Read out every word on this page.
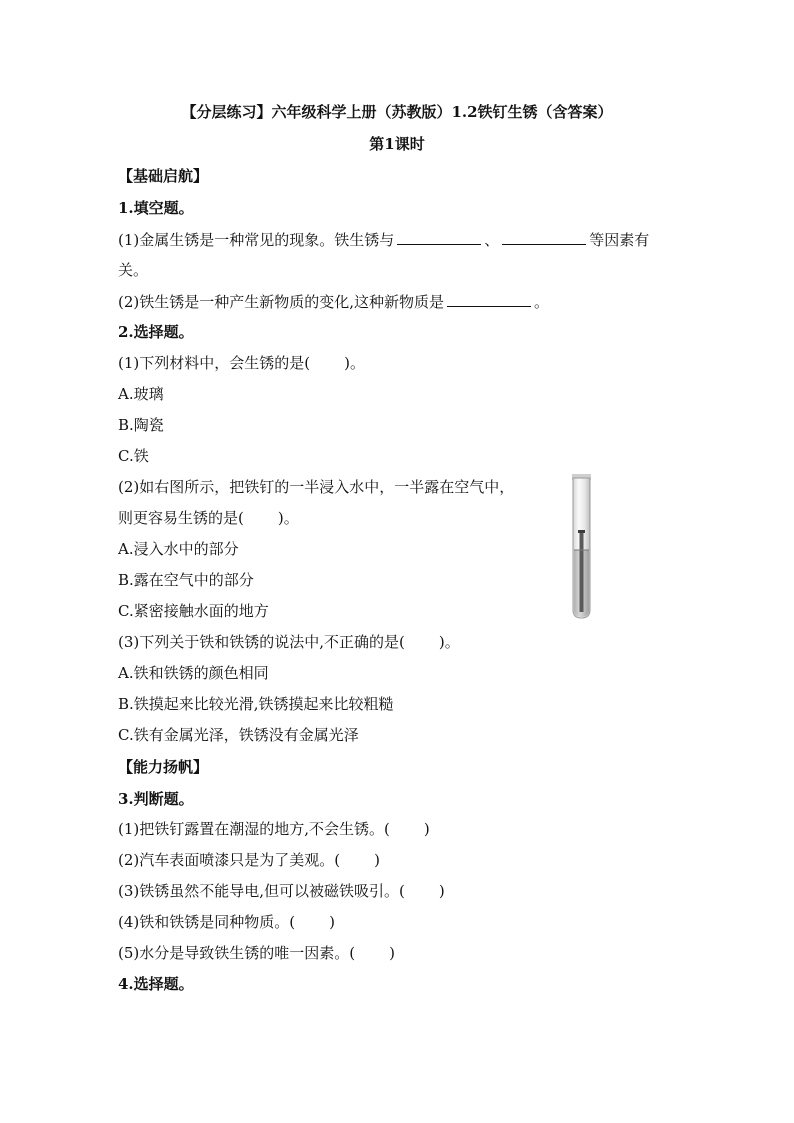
【分层练习】六年级科学上册（苏教版）1.2铁钉生锈（含答案）
第1课时
【基础启航】
1.填空题。
(1)金属生锈是一种常见的现象。铁生锈与	、	等因素有
关。
(2)铁生锈是一种产生新物质的变化,这种新物质是	。
2.选择题。
(1)下列材料中，会生锈的是( )。
A.玻璃
B.陶瓷
C.铁
(2)如右图所示，把铁钉的一半浸入水中，一半露在空气中，
则更容易生锈的是( )。
A.浸入水中的部分
B.露在空气中的部分
C.紧密接触水面的地方
(3)下列关于铁和铁锈的说法中,不正确的是( )。
A.铁和铁锈的颜色相同
B.铁摸起来比较光滑,铁锈摸起来比较粗糙
C.铁有金属光泽，铁锈没有金属光泽
【能力扬帆】
3.判断题。
(1)把铁钉露置在潮湿的地方,不会生锈。( )
(2)汽车表面喷漆只是为了美观。( )
(3)铁锈虽然不能导电,但可以被磁铁吸引。( )
(4)铁和铁锈是同种物质。( )
(5)水分是导致铁生锈的唯一因素。( )
4.选择题。
